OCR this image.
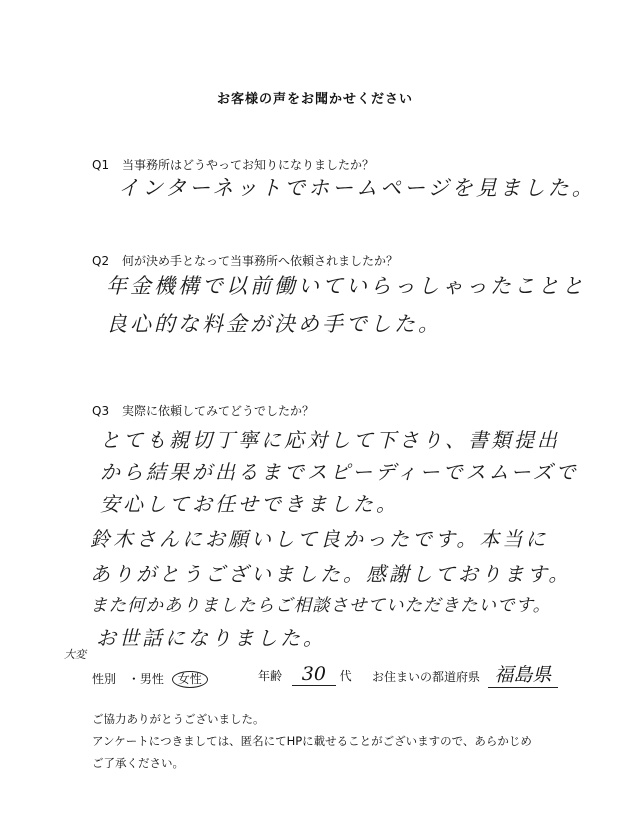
お客様の声をお聞かせください
Q1 当事務所はどうやってお知りになりましたか？
インターネットでホームページを見ました。
Q2 何が決め手となって当事務所へ依頼されましたか？
年金機構で以前働いていらっしゃったことと
良心的な料金が決め手でした。
Q3 実際に依頼してみてどうでしたか？
とても親切丁寧に応対して下さり、書類提出
から結果が出るまでスピーディーでスムーズで
安心してお任せできました。
鈴木さんにお願いして良かったです。本当に
ありがとうございました。感謝しております。
また何かありましたらご相談させていただきたいです。
大変
お世話になりました。
性別 ・男性 女性	年齢 30 代 お住まいの都道府県 福島県
ご協力ありがとうございました。
アンケートにつきましては、匿名にてHPに載せることがございますので、あらかじめ
ご了承ください。
